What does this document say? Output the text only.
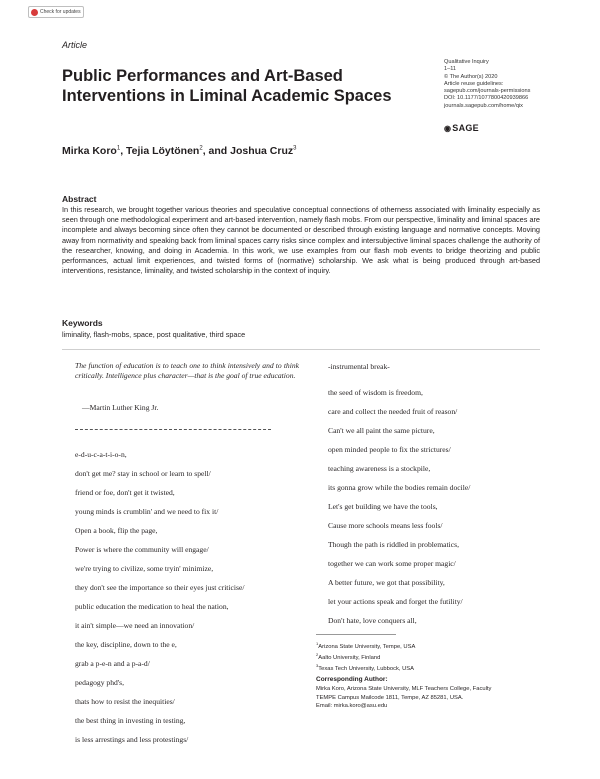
Check for updates
Article
Public Performances and Art-Based Interventions in Liminal Academic Spaces
Qualitative Inquiry
1–11
© The Author(s) 2020
Article reuse guidelines:
sagepub.com/journals-permissions
DOI: 10.1177/1077800420939866
journals.sagepub.com/home/qix
◉ SAGE
Mirka Koro$^1$, Tejia Löytönen$^2$, and Joshua Cruz$^3$
Abstract
In this research, we brought together various theories and speculative conceptual connections of otherness associated with liminality especially as seen through one methodological experiment and art-based intervention, namely flash mobs. From our perspective, liminality and liminal spaces are incomplete and always becoming since often they cannot be documented or described through existing language and normative concepts. Moving away from normativity and speaking back from liminal spaces carry risks since complex and intersubjective liminal spaces challenge the authority of the researcher, knowing, and doing in Academia. In this work, we use examples from our flash mob events to bridge theorizing and public performances, actual limit experiences, and twisted forms of (normative) scholarship. We ask what is being produced through art-based interventions, resistance, liminality, and twisted scholarship in the context of inquiry.
Keywords
liminality, flash-mobs, space, post qualitative, third space
The function of education is to teach one to think intensively and to think critically. Intelligence plus character—that is the goal of true education.
—Martin Luther King Jr.
e-d-u-c-a-t-i-o-n,
don't get me? stay in school or learn to spell/
friend or foe, don't get it twisted,
young minds is crumblin' and we need to fix it/
Open a book, flip the page,
Power is where the community will engage/
we're trying to civilize, some tryin' minimize,
they don't see the importance so their eyes just criticise/
public education the medication to heal the nation,
it ain't simple—we need an innovation/
the key, discipline, down to the e,
grab a p-e-n and a p-a-d/
pedagogy phd's,
thats how to resist the inequities/
the best thing in investing in testing,
is less arrestings and less protestings/
-instrumental break-
the seed of wisdom is freedom,
care and collect the needed fruit of reason/
Can't we all paint the same picture,
open minded people to fix the strictures/
teaching awareness is a stockpile,
its gonna grow while the bodies remain docile/
Let's get building we have the tools,
Cause more schools means less fools/
Though the path is riddled in problematics,
together we can work some proper magic/
A better future, we got that possibility,
let your actions speak and forget the futility/
Don't hate, love conquers all,
$^1$Arizona State University, Tempe, USA
$^2$Aalto University, Finland
$^3$Texas Tech University, Lubbock, USA
Corresponding Author:
Mirka Koro, Arizona State University, MLF Teachers College, Faculty
TEMPE Campus Mailcode 1811, Tempe, AZ 85281, USA.
Email: mirka.koro@asu.edu
